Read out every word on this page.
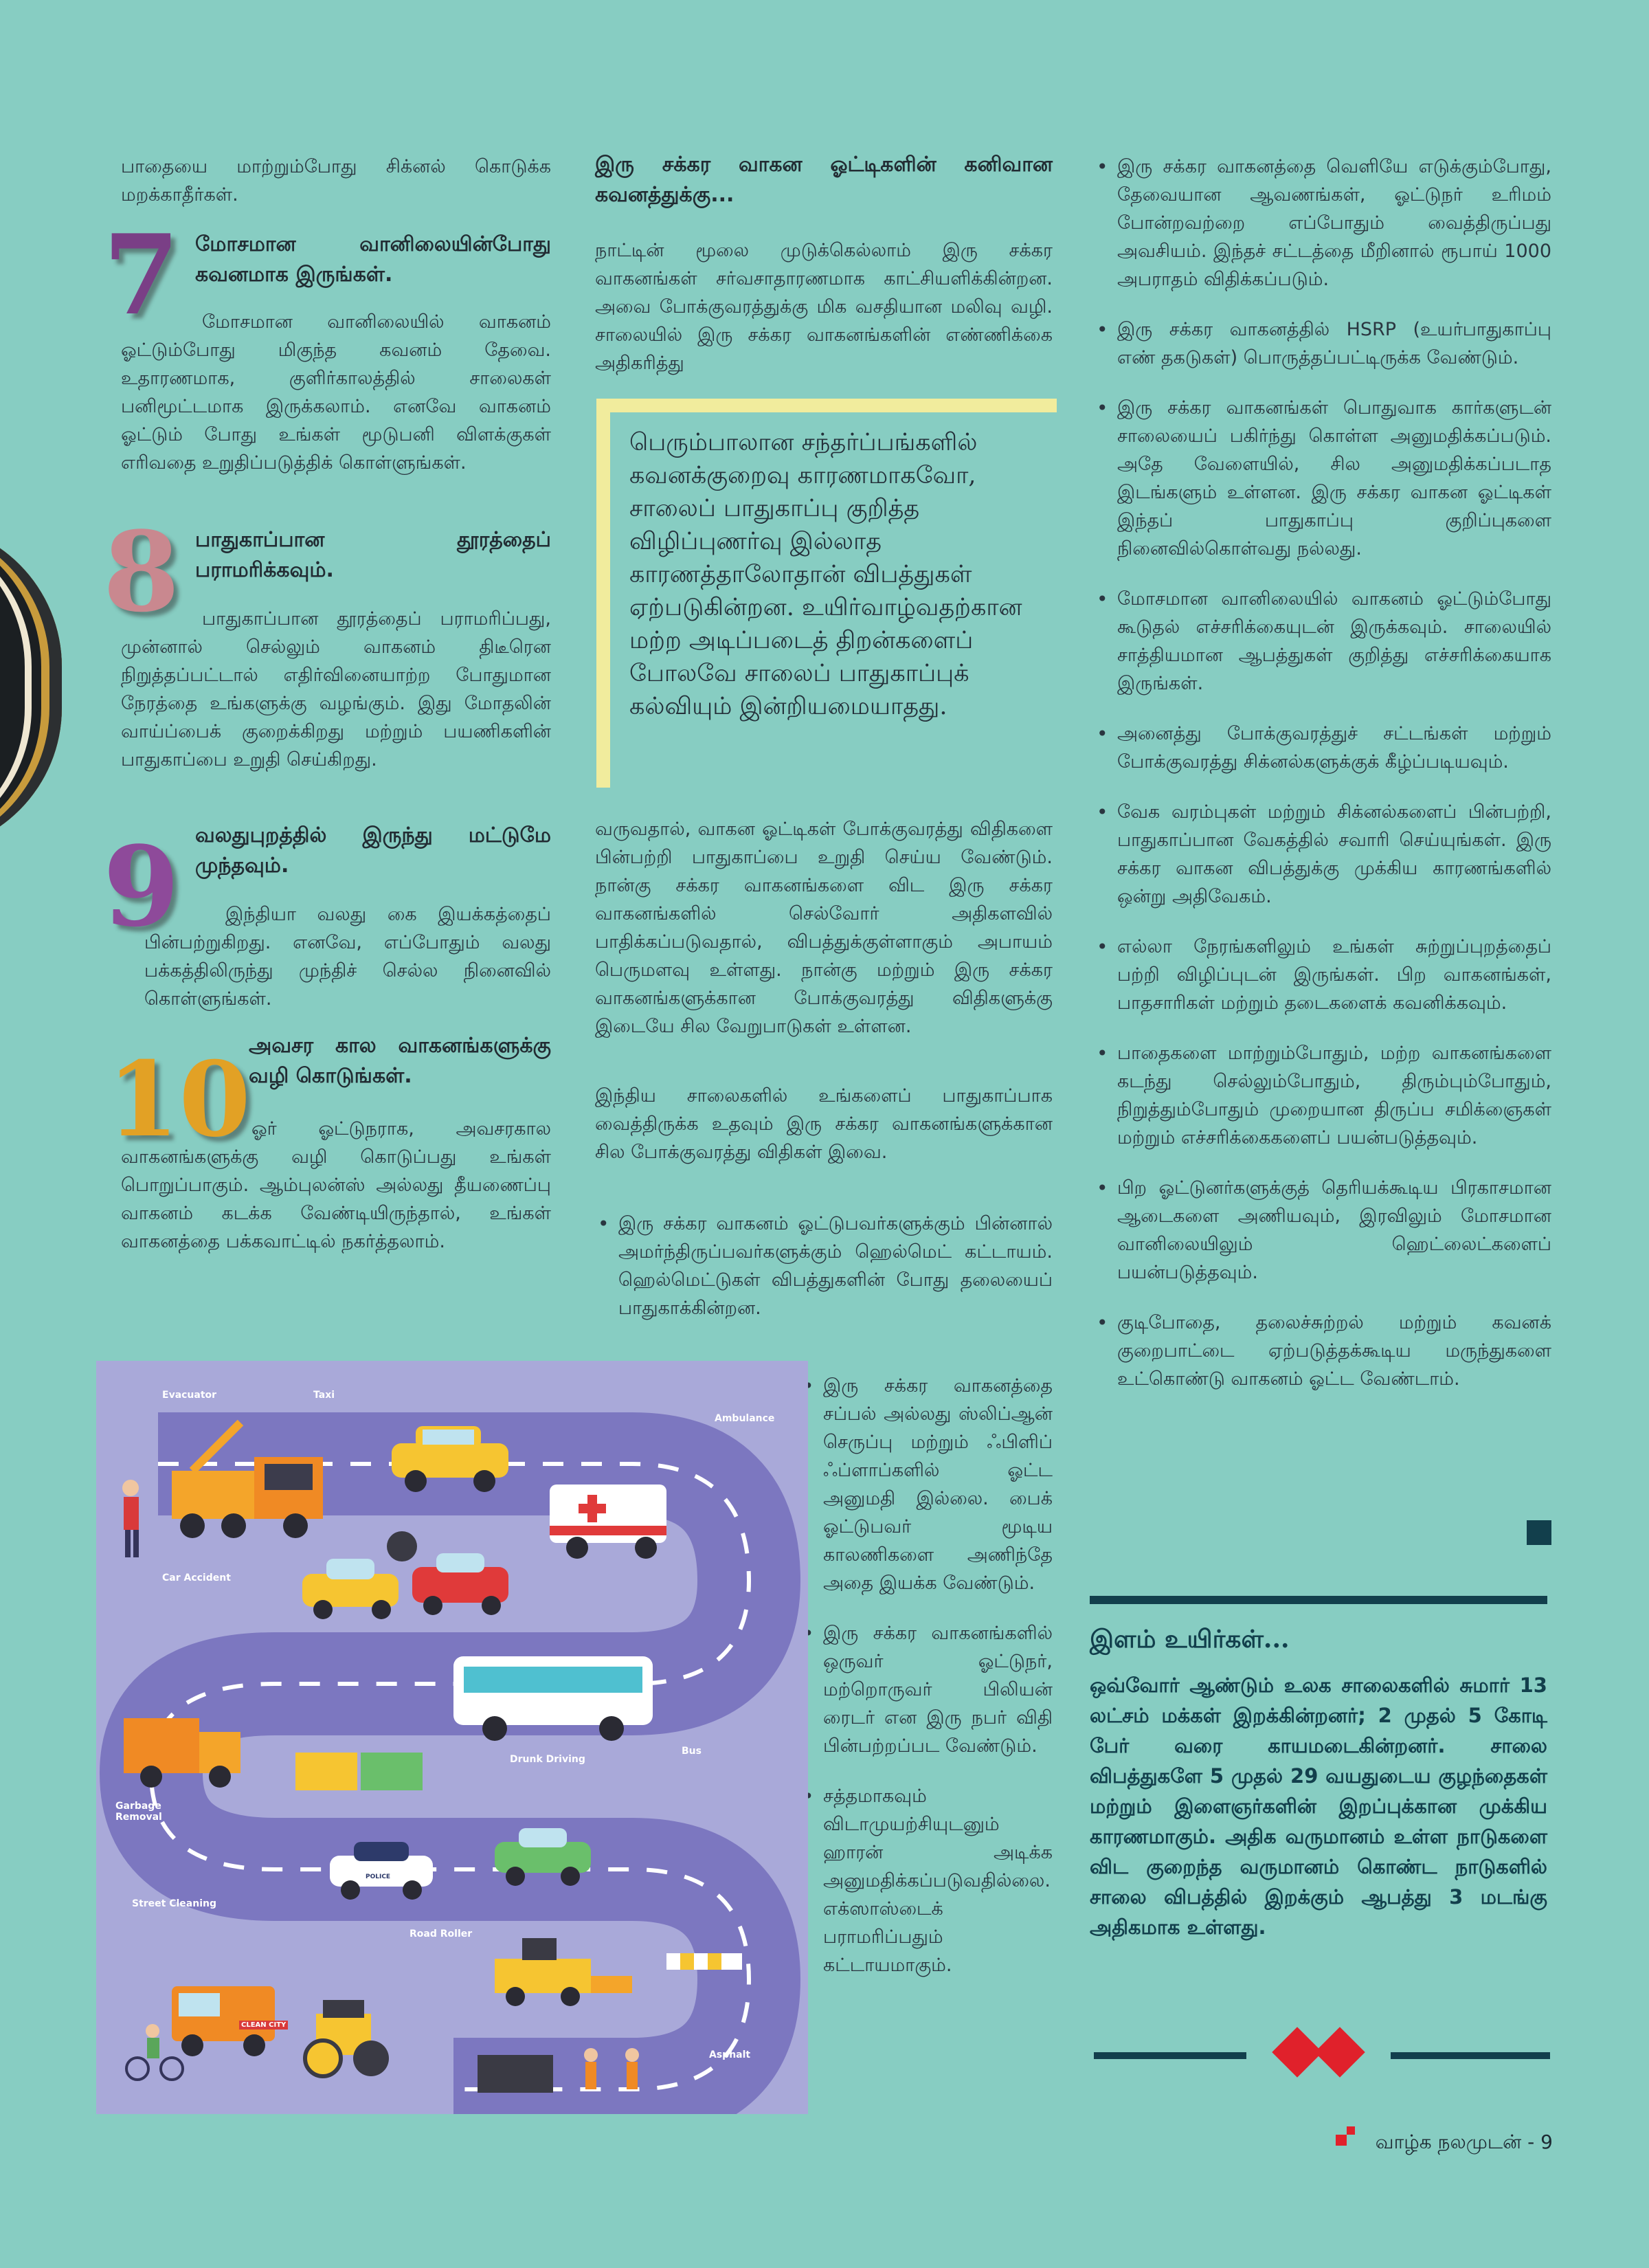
பாதையை மாற்றும்போது சிக்னல் கொடுக்க மறக்காதீர்கள்.
7 மோசமான வானிலையின்போது கவனமாக இருங்கள்.

மோசமான வானிலையில் வாகனம் ஓட்டும்போது மிகுந்த கவனம் தேவை. உதாரணமாக, குளிர்காலத்தில் சாலைகள் பனிமூட்டமாக இருக்கலாம். எனவே வாகனம் ஓட்டும் போது உங்கள் மூடுபனி விளக்குகள் எரிவதை உறுதிப்படுத்திக் கொள்ளுங்கள்.

8 பாதுகாப்பான தூரத்தைப் பராமரிக்கவும்.

பாதுகாப்பான தூரத்தைப் பராமரிப்பது, முன்னால் செல்லும் வாகனம் திடீரென நிறுத்தப்பட்டால் எதிர்வினையாற்ற போதுமான நேரத்தை உங்களுக்கு வழங்கும். இது மோதலின் வாய்ப்பைக் குறைக்கிறது மற்றும் பயணிகளின் பாதுகாப்பை உறுதி செய்கிறது.

9 வலதுபுறத்தில் இருந்து மட்டுமே முந்தவும்.

இந்தியா வலது கை இயக்கத்தைப் பின்பற்றுகிறது. எனவே, எப்போதும் வலது பக்கத்திலிருந்து முந்திச் செல்ல நினைவில் கொள்ளுங்கள்.

10
அவசர கால வாகனங்களுக்கு வழி கொடுங்கள்.

ஓர் ஓட்டுநராக, அவசரகால வாகனங்களுக்கு வழி கொடுப்பது உங்கள் பொறுப்பாகும். ஆம்புலன்ஸ் அல்லது தீயணைப்பு வாகனம் கடக்க வேண்டியிருந்தால், உங்கள் வாகனத்தை பக்கவாட்டில் நகர்த்தலாம்.

இரு சக்கர வாகன ஓட்டிகளின் கனிவான கவனத்துக்கு...
நாட்டின் மூலை முடுக்கெல்லாம் இரு சக்கர வாகனங்கள் சர்வசாதாரணமாக காட்சியளிக்கின்றன. அவை போக்குவரத்துக்கு மிக வசதியான மலிவு வழி. சாலையில் இரு சக்கர வாகனங்களின் எண்ணிக்கை அதிகரித்து
பெரும்பாலான சந்தர்ப்பங்களில் கவனக்குறைவு காரணமாகவோ, சாலைப் பாதுகாப்பு குறித்த விழிப்புணர்வு இல்லாத காரணத்தாலோதான் விபத்துகள் ஏற்படுகின்றன. உயிர்வாழ்வதற்கான மற்ற அடிப்படைத் திறன்களைப் போலவே சாலைப் பாதுகாப்புக் கல்வியும் இன்றியமையாதது.
வருவதால், வாகன ஓட்டிகள் போக்குவரத்து விதிகளை பின்பற்றி பாதுகாப்பை உறுதி செய்ய வேண்டும். நான்கு சக்கர வாகனங்களை விட இரு சக்கர வாகனங்களில் செல்வோர் அதிகளவில் பாதிக்கப்படுவதால், விபத்துக்குள்ளாகும் அபாயம் பெருமளவு உள்ளது. நான்கு மற்றும் இரு சக்கர வாகனங்களுக்கான போக்குவரத்து விதிகளுக்கு இடையே சில வேறுபாடுகள் உள்ளன.
இந்திய சாலைகளில் உங்களைப் பாதுகாப்பாக வைத்திருக்க உதவும் இரு சக்கர வாகனங்களுக்கான சில போக்குவரத்து விதிகள் இவை.
• இரு சக்கர வாகனம் ஓட்டுபவர்களுக்கும் பின்னால் அமர்ந்திருப்பவர்களுக்கும் ஹெல்மெட் கட்டாயம். ஹெல்மெட்டுகள் விபத்துகளின் போது தலையைப் பாதுகாக்கின்றன.
• இரு சக்கர வாகனத்தை சப்பல் அல்லது ஸ்லிப்ஆன் செருப்பு மற்றும் ஃபிளிப் ஃப்ளாப்களில் ஓட்ட அனுமதி இல்லை. பைக் ஓட்டுபவர் மூடிய காலணிகளை அணிந்தே அதை இயக்க வேண்டும்.
• இரு சக்கர வாகனங்களில் ஒருவர் ஓட்டுநர், மற்றொருவர் பிலியன் ரைடர் என இரு நபர் விதி பின்பற்றப்பட வேண்டும்.
• சத்தமாகவும் விடாமுயற்சியுடனும் ஹாரன் அடிக்க அனுமதிக்கப்படுவதில்லை. எக்ஸாஸ்டைக் பராமரிப்பதும் கட்டாயமாகும்.
• இரு சக்கர வாகனத்தை வெளியே எடுக்கும்போது, தேவையான ஆவணங்கள், ஓட்டுநர் உரிமம் போன்றவற்றை எப்போதும் வைத்திருப்பது அவசியம். இந்தச் சட்டத்தை மீறினால் ரூபாய் 1000 அபராதம் விதிக்கப்படும்.
• இரு சக்கர வாகனத்தில் HSRP (உயர்பாதுகாப்பு எண் தகடுகள்) பொருத்தப்பட்டிருக்க வேண்டும்.
• இரு சக்கர வாகனங்கள் பொதுவாக கார்களுடன் சாலையைப் பகிர்ந்து கொள்ள அனுமதிக்கப்படும். அதே வேளையில், சில அனுமதிக்கப்படாத இடங்களும் உள்ளன. இரு சக்கர வாகன ஓட்டிகள் இந்தப் பாதுகாப்பு குறிப்புகளை நினைவில்கொள்வது நல்லது.
• மோசமான வானிலையில் வாகனம் ஓட்டும்போது கூடுதல் எச்சரிக்கையுடன் இருக்கவும். சாலையில் சாத்தியமான ஆபத்துகள் குறித்து எச்சரிக்கையாக இருங்கள்.
• அனைத்து போக்குவரத்துச் சட்டங்கள் மற்றும் போக்குவரத்து சிக்னல்களுக்குக் கீழ்ப்படியவும்.
• வேக வரம்புகள் மற்றும் சிக்னல்களைப் பின்பற்றி, பாதுகாப்பான வேகத்தில் சவாரி செய்யுங்கள். இரு சக்கர வாகன விபத்துக்கு முக்கிய காரணங்களில் ஒன்று அதிவேகம்.
• எல்லா நேரங்களிலும் உங்கள் சுற்றுப்புறத்தைப் பற்றி விழிப்புடன் இருங்கள். பிற வாகனங்கள், பாதசாரிகள் மற்றும் தடைகளைக் கவனிக்கவும்.
• பாதைகளை மாற்றும்போதும், மற்ற வாகனங்களை கடந்து செல்லும்போதும், திரும்பும்போதும், நிறுத்தும்போதும் முறையான திருப்ப சமிக்ஞைகள் மற்றும் எச்சரிக்கைகளைப் பயன்படுத்தவும்.
• பிற ஓட்டுனர்களுக்குத் தெரியக்கூடிய பிரகாசமான ஆடைகளை அணியவும், இரவிலும் மோசமான வானிலையிலும் ஹெட்லைட்களைப் பயன்படுத்தவும்.
• குடிபோதை, தலைச்சுற்றல் மற்றும் கவனக் குறைபாட்டை ஏற்படுத்தக்கூடிய மருந்துகளை உட்கொண்டு வாகனம் ஓட்ட வேண்டாம்.
இளம் உயிர்கள்...
ஒவ்வோர் ஆண்டும் உலக சாலைகளில் சுமார் 13 லட்சம் மக்கள் இறக்கின்றனர்; 2 முதல் 5 கோடி பேர் வரை காயமடைகின்றனர். சாலை விபத்துகளே 5 முதல் 29 வயதுடைய குழந்தைகள் மற்றும் இளைஞர்களின் இறப்புக்கான முக்கிய காரணமாகும். அதிக வருமானம் உள்ள நாடுகளை விட குறைந்த வருமானம் கொண்ட நாடுகளில் சாலை விபத்தில் இறக்கும் ஆபத்து 3 மடங்கு அதிகமாக உள்ளது.
Evacuator	Taxi
Ambulance
Car Accident
Bus
Drunk Driving
Garbage Removal
Street Cleaning
Road Roller
Asphalt
POLICE
CLEAN CITY
வாழ்க நலமுடன் - 9
